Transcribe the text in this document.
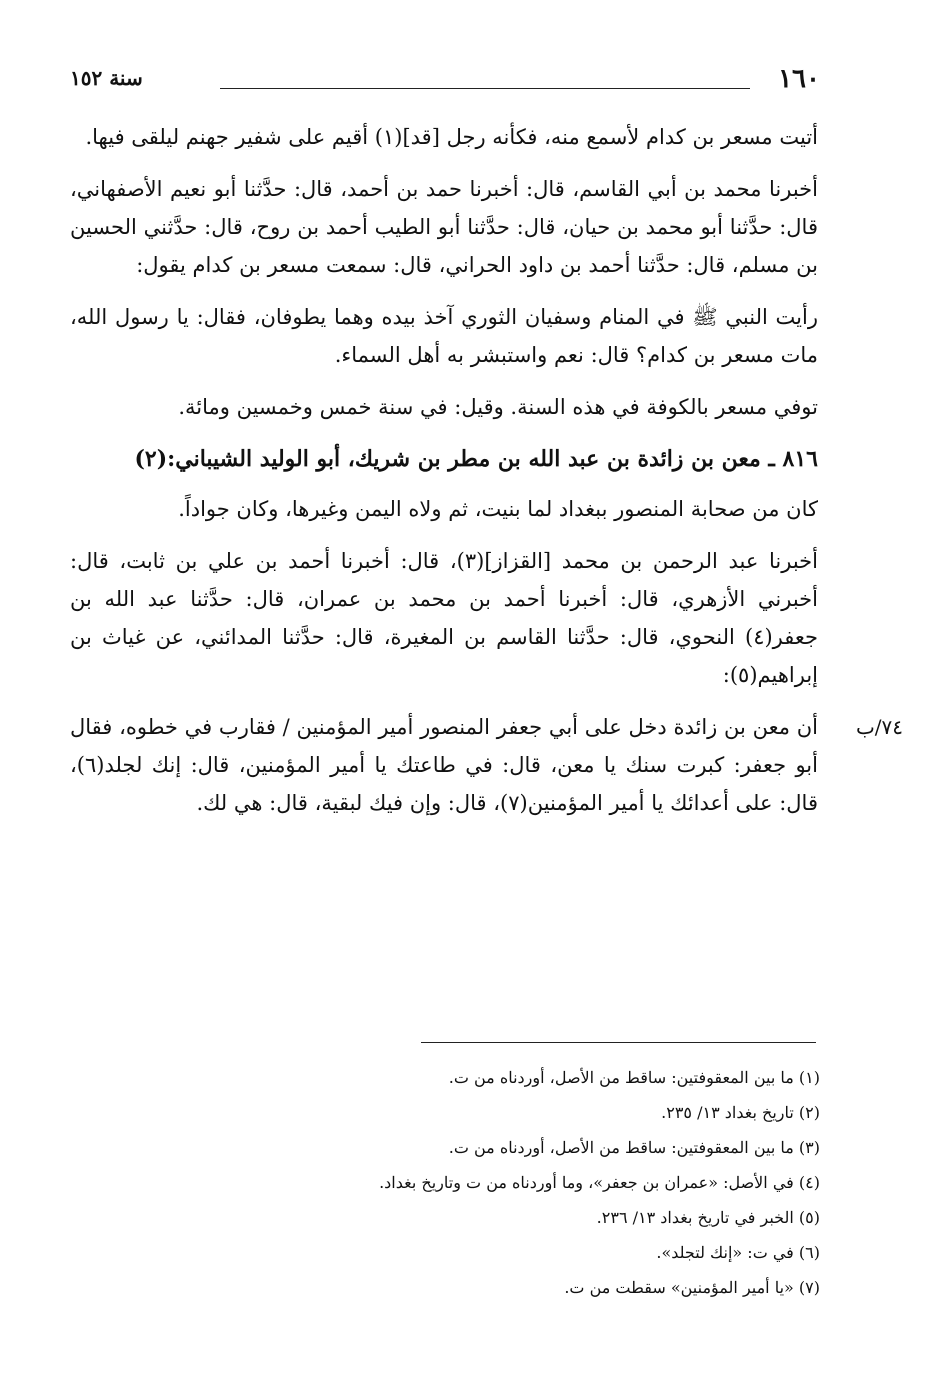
١٦٠
سنة ١٥٢

أتيت مسعر بن كدام لأسمع منه، فكأنه رجل [قد](١) أقيم على شفير جهنم ليلقى فيها.

أخبرنا محمد بن أبي القاسم، قال: أخبرنا حمد بن أحمد، قال: حدَّثنا أبو نعيم الأصفهاني، قال: حدَّثنا أبو محمد بن حيان، قال: حدَّثنا أبو الطيب أحمد بن روح، قال: حدَّثني الحسين بن مسلم، قال: حدَّثنا أحمد بن داود الحراني، قال: سمعت مسعر بن كدام يقول:

رأيت النبي ﷺ في المنام وسفيان الثوري آخذ بيده وهما يطوفان، فقال: يا رسول الله، مات مسعر بن كدام؟ قال: نعم واستبشر به أهل السماء.

توفي مسعر بالكوفة في هذه السنة. وقيل: في سنة خمس وخمسين ومائة.

٨١٦ ـ معن بن زائدة بن عبد الله بن مطر بن شريك، أبو الوليد الشيباني:(٢)

كان من صحابة المنصور ببغداد لما بنيت، ثم ولاه اليمن وغيرها، وكان جواداً.

أخبرنا عبد الرحمن بن محمد [القزاز](٣)، قال: أخبرنا أحمد بن علي بن ثابت، قال: أخبرني الأزهري، قال: أخبرنا أحمد بن محمد بن عمران، قال: حدَّثنا عبد الله بن جعفر(٤) النحوي، قال: حدَّثنا القاسم بن المغيرة، قال: حدَّثنا المدائني، عن غياث بن إبراهيم(٥):

٧٤/ب

أن معن بن زائدة دخل على أبي جعفر المنصور أمير المؤمنين / فقارب في خطوه، فقال أبو جعفر: كبرت سنك يا معن، قال: في طاعتك يا أمير المؤمنين، قال: إنك لجلد(٦)، قال: على أعدائك يا أمير المؤمنين(٧)، قال: وإن فيك لبقية، قال: هي لك.

(١) ما بين المعقوفتين: ساقط من الأصل، أوردناه من ت.
(٢) تاريخ بغداد ١٣/ ٢٣٥.
(٣) ما بين المعقوفتين: ساقط من الأصل، أوردناه من ت.
(٤) في الأصل: «عمران بن جعفر»، وما أوردناه من ت وتاريخ بغداد.
(٥) الخبر في تاريخ بغداد ١٣/ ٢٣٦.
(٦) في ت: «إنك لتجلد».
(٧) «يا أمير المؤمنين» سقطت من ت.
